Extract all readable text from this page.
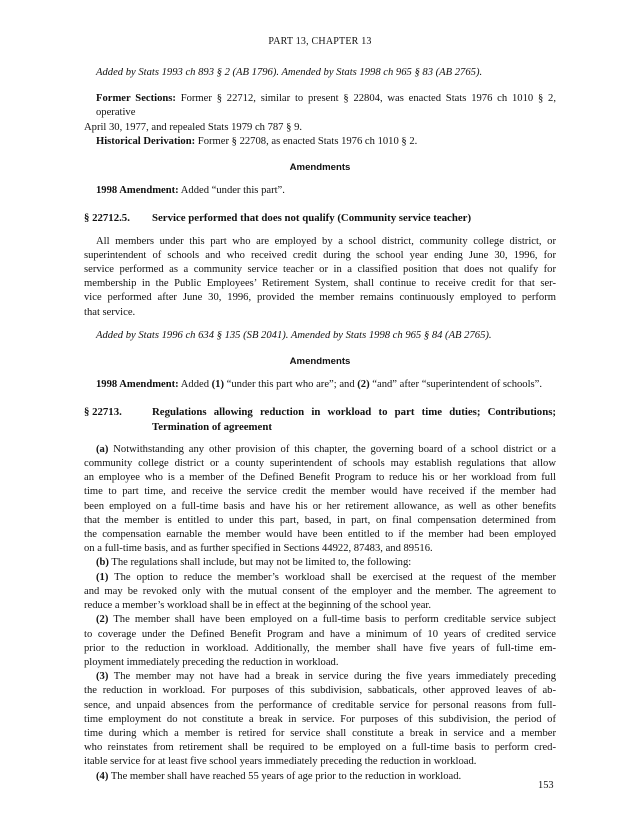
PART 13, CHAPTER 13
Added by Stats 1993 ch 893 § 2 (AB 1796). Amended by Stats 1998 ch 965 § 83 (AB 2765).
Former Sections: Former § 22712, similar to present § 22804, was enacted Stats 1976 ch 1010 § 2, operative
April 30, 1977, and repealed Stats 1979 ch 787 § 9.
Historical Derivation: Former § 22708, as enacted Stats 1976 ch 1010 § 2.
Amendments
1998 Amendment: Added “under this part”.
§ 22712.5.	Service performed that does not qualify (Community service teacher)
All members under this part who are employed by a school district, community college district, or
superintendent of schools and who received credit during the school year ending June 30, 1996, for
service performed as a community service teacher or in a classified position that does not qualify for
membership in the Public Employees’ Retirement System, shall continue to receive credit for that ser-
vice performed after June 30, 1996, provided the member remains continuously employed to perform
that service.
Added by Stats 1996 ch 634 § 135 (SB 2041). Amended by Stats 1998 ch 965 § 84 (AB 2765).
Amendments
1998 Amendment: Added (1) “under this part who are”; and (2) “and” after “superintendent of schools”.
§ 22713.	Regulations allowing reduction in workload to part time duties; Contributions;
Termination of agreement
(a) Notwithstanding any other provision of this chapter, the governing board of a school district or a
community college district or a county superintendent of schools may establish regulations that allow
an employee who is a member of the Defined Benefit Program to reduce his or her workload from full
time to part time, and receive the service credit the member would have received if the member had
been employed on a full-time basis and have his or her retirement allowance, as well as other benefits
that the member is entitled to under this part, based, in part, on final compensation determined from
the compensation earnable the member would have been entitled to if the member had been employed
on a full-time basis, and as further specified in Sections 44922, 87483, and 89516.
(b) The regulations shall include, but may not be limited to, the following:
(1) The option to reduce the member’s workload shall be exercised at the request of the member
and may be revoked only with the mutual consent of the employer and the member. The agreement to
reduce a member’s workload shall be in effect at the beginning of the school year.
(2) The member shall have been employed on a full-time basis to perform creditable service subject
to coverage under the Defined Benefit Program and have a minimum of 10 years of credited service
prior to the reduction in workload. Additionally, the member shall have five years of full-time em-
ployment immediately preceding the reduction in workload.
(3) The member may not have had a break in service during the five years immediately preceding
the reduction in workload. For purposes of this subdivision, sabbaticals, other approved leaves of ab-
sence, and unpaid absences from the performance of creditable service for personal reasons from full-
time employment do not constitute a break in service. For purposes of this subdivision, the period of
time during which a member is retired for service shall constitute a break in service and a member
who reinstates from retirement shall be required to be employed on a full-time basis to perform cred-
itable service for at least five school years immediately preceding the reduction in workload.
(4) The member shall have reached 55 years of age prior to the reduction in workload.
153
